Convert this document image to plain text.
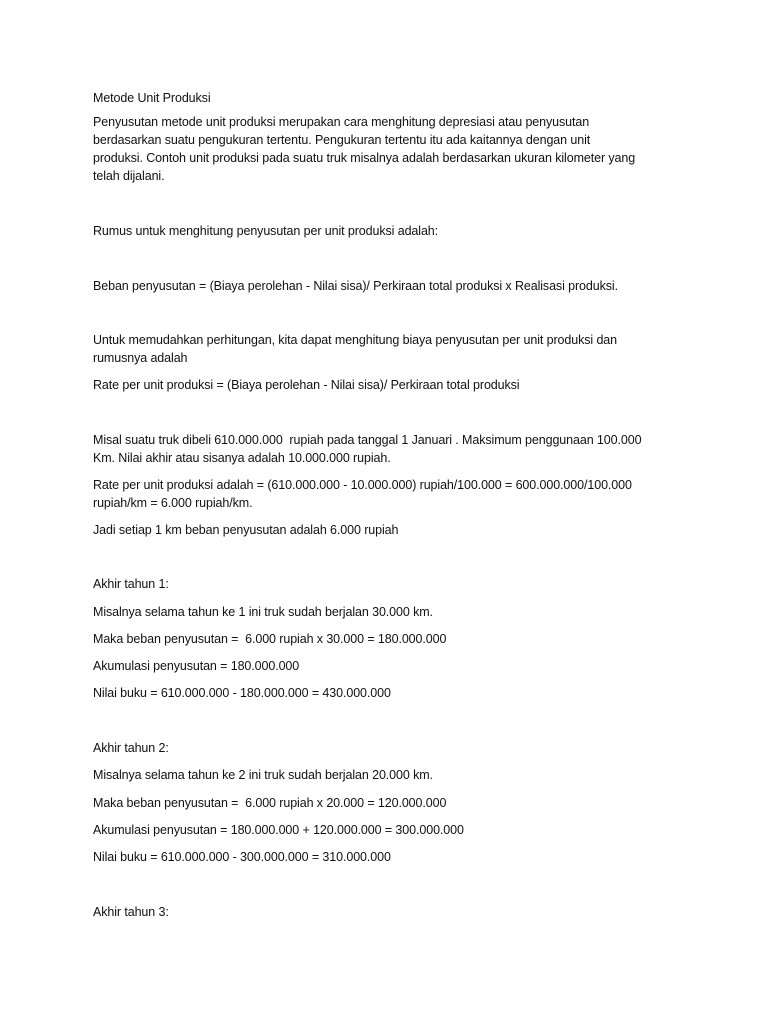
Metode Unit Produksi

Penyusutan metode unit produksi merupakan cara menghitung depresiasi atau penyusutan

berdasarkan suatu pengukuran tertentu. Pengukuran tertentu itu ada kaitannya dengan unit

produksi. Contoh unit produksi pada suatu truk misalnya adalah berdasarkan ukuran kilometer yang

telah dijalani.

Rumus untuk menghitung penyusutan per unit produksi adalah:

Beban penyusutan = (Biaya perolehan - Nilai sisa)/ Perkiraan total produksi x Realisasi produksi.

Untuk memudahkan perhitungan, kita dapat menghitung biaya penyusutan per unit produksi dan

rumusnya adalah

Rate per unit produksi = (Biaya perolehan - Nilai sisa)/ Perkiraan total produksi

Misal suatu truk dibeli 610.000.000  rupiah pada tanggal 1 Januari . Maksimum penggunaan 100.000

Km. Nilai akhir atau sisanya adalah 10.000.000 rupiah.

Rate per unit produksi adalah = (610.000.000 - 10.000.000) rupiah/100.000 = 600.000.000/100.000

rupiah/km = 6.000 rupiah/km.

Jadi setiap 1 km beban penyusutan adalah 6.000 rupiah

Akhir tahun 1:

Misalnya selama tahun ke 1 ini truk sudah berjalan 30.000 km.

Maka beban penyusutan =  6.000 rupiah x 30.000 = 180.000.000

Akumulasi penyusutan = 180.000.000

Nilai buku = 610.000.000 - 180.000.000 = 430.000.000

Akhir tahun 2:

Misalnya selama tahun ke 2 ini truk sudah berjalan 20.000 km.

Maka beban penyusutan =  6.000 rupiah x 20.000 = 120.000.000

Akumulasi penyusutan = 180.000.000 + 120.000.000 = 300.000.000

Nilai buku = 610.000.000 - 300.000.000 = 310.000.000

Akhir tahun 3:
